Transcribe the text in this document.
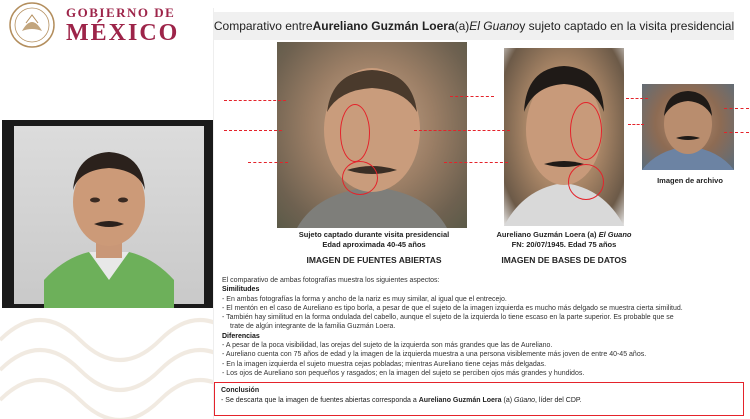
GOBIERNO DE
MÉXICO	Comparativo entre Aureliano Guzmán Loera (a) El Guano y sujeto captado en la visita presidencial
Imagen de archivo
Sujeto captado durante visita presidencial
Edad aproximada 40-45 años
Aureliano Guzmán Loera (a) El Guano
FN: 20/07/1945. Edad 75 años
IMAGEN DE FUENTES ABIERTAS	IMAGEN DE BASES DE DATOS
El comparativo de ambas fotografías muestra los siguientes aspectos:
Similitudes
- En ambas fotografías la forma y ancho de la nariz es muy similar, al igual que el entrecejo.
- El mentón en el caso de Aureliano es tipo borla, a pesar de que el sujeto de la imagen izquierda es mucho más delgado se muestra cierta similitud.
- También hay similitud en la forma ondulada del cabello, aunque el sujeto de la izquierda lo tiene escaso en la parte superior. Es probable que se
trate de algún integrante de la familia Guzmán Loera.
Diferencias
- A pesar de la poca visibilidad, las orejas del sujeto de la izquierda son más grandes que las de Aureliano.
- Aureliano cuenta con 75 años de edad y la imagen de la izquierda muestra a una persona visiblemente más joven de entre 40-45 años.
- En la imagen izquierda el sujeto muestra cejas pobladas; mientras Aureliano tiene cejas más delgadas.
- Los ojos de Aureliano son pequeños y rasgados; en la imagen del sujeto se perciben ojos más grandes y hundidos.
Conclusión
- Se descarta que la imagen de fuentes abiertas corresponda a Aureliano Guzmán Loera (a) Güano, líder del CDP.
